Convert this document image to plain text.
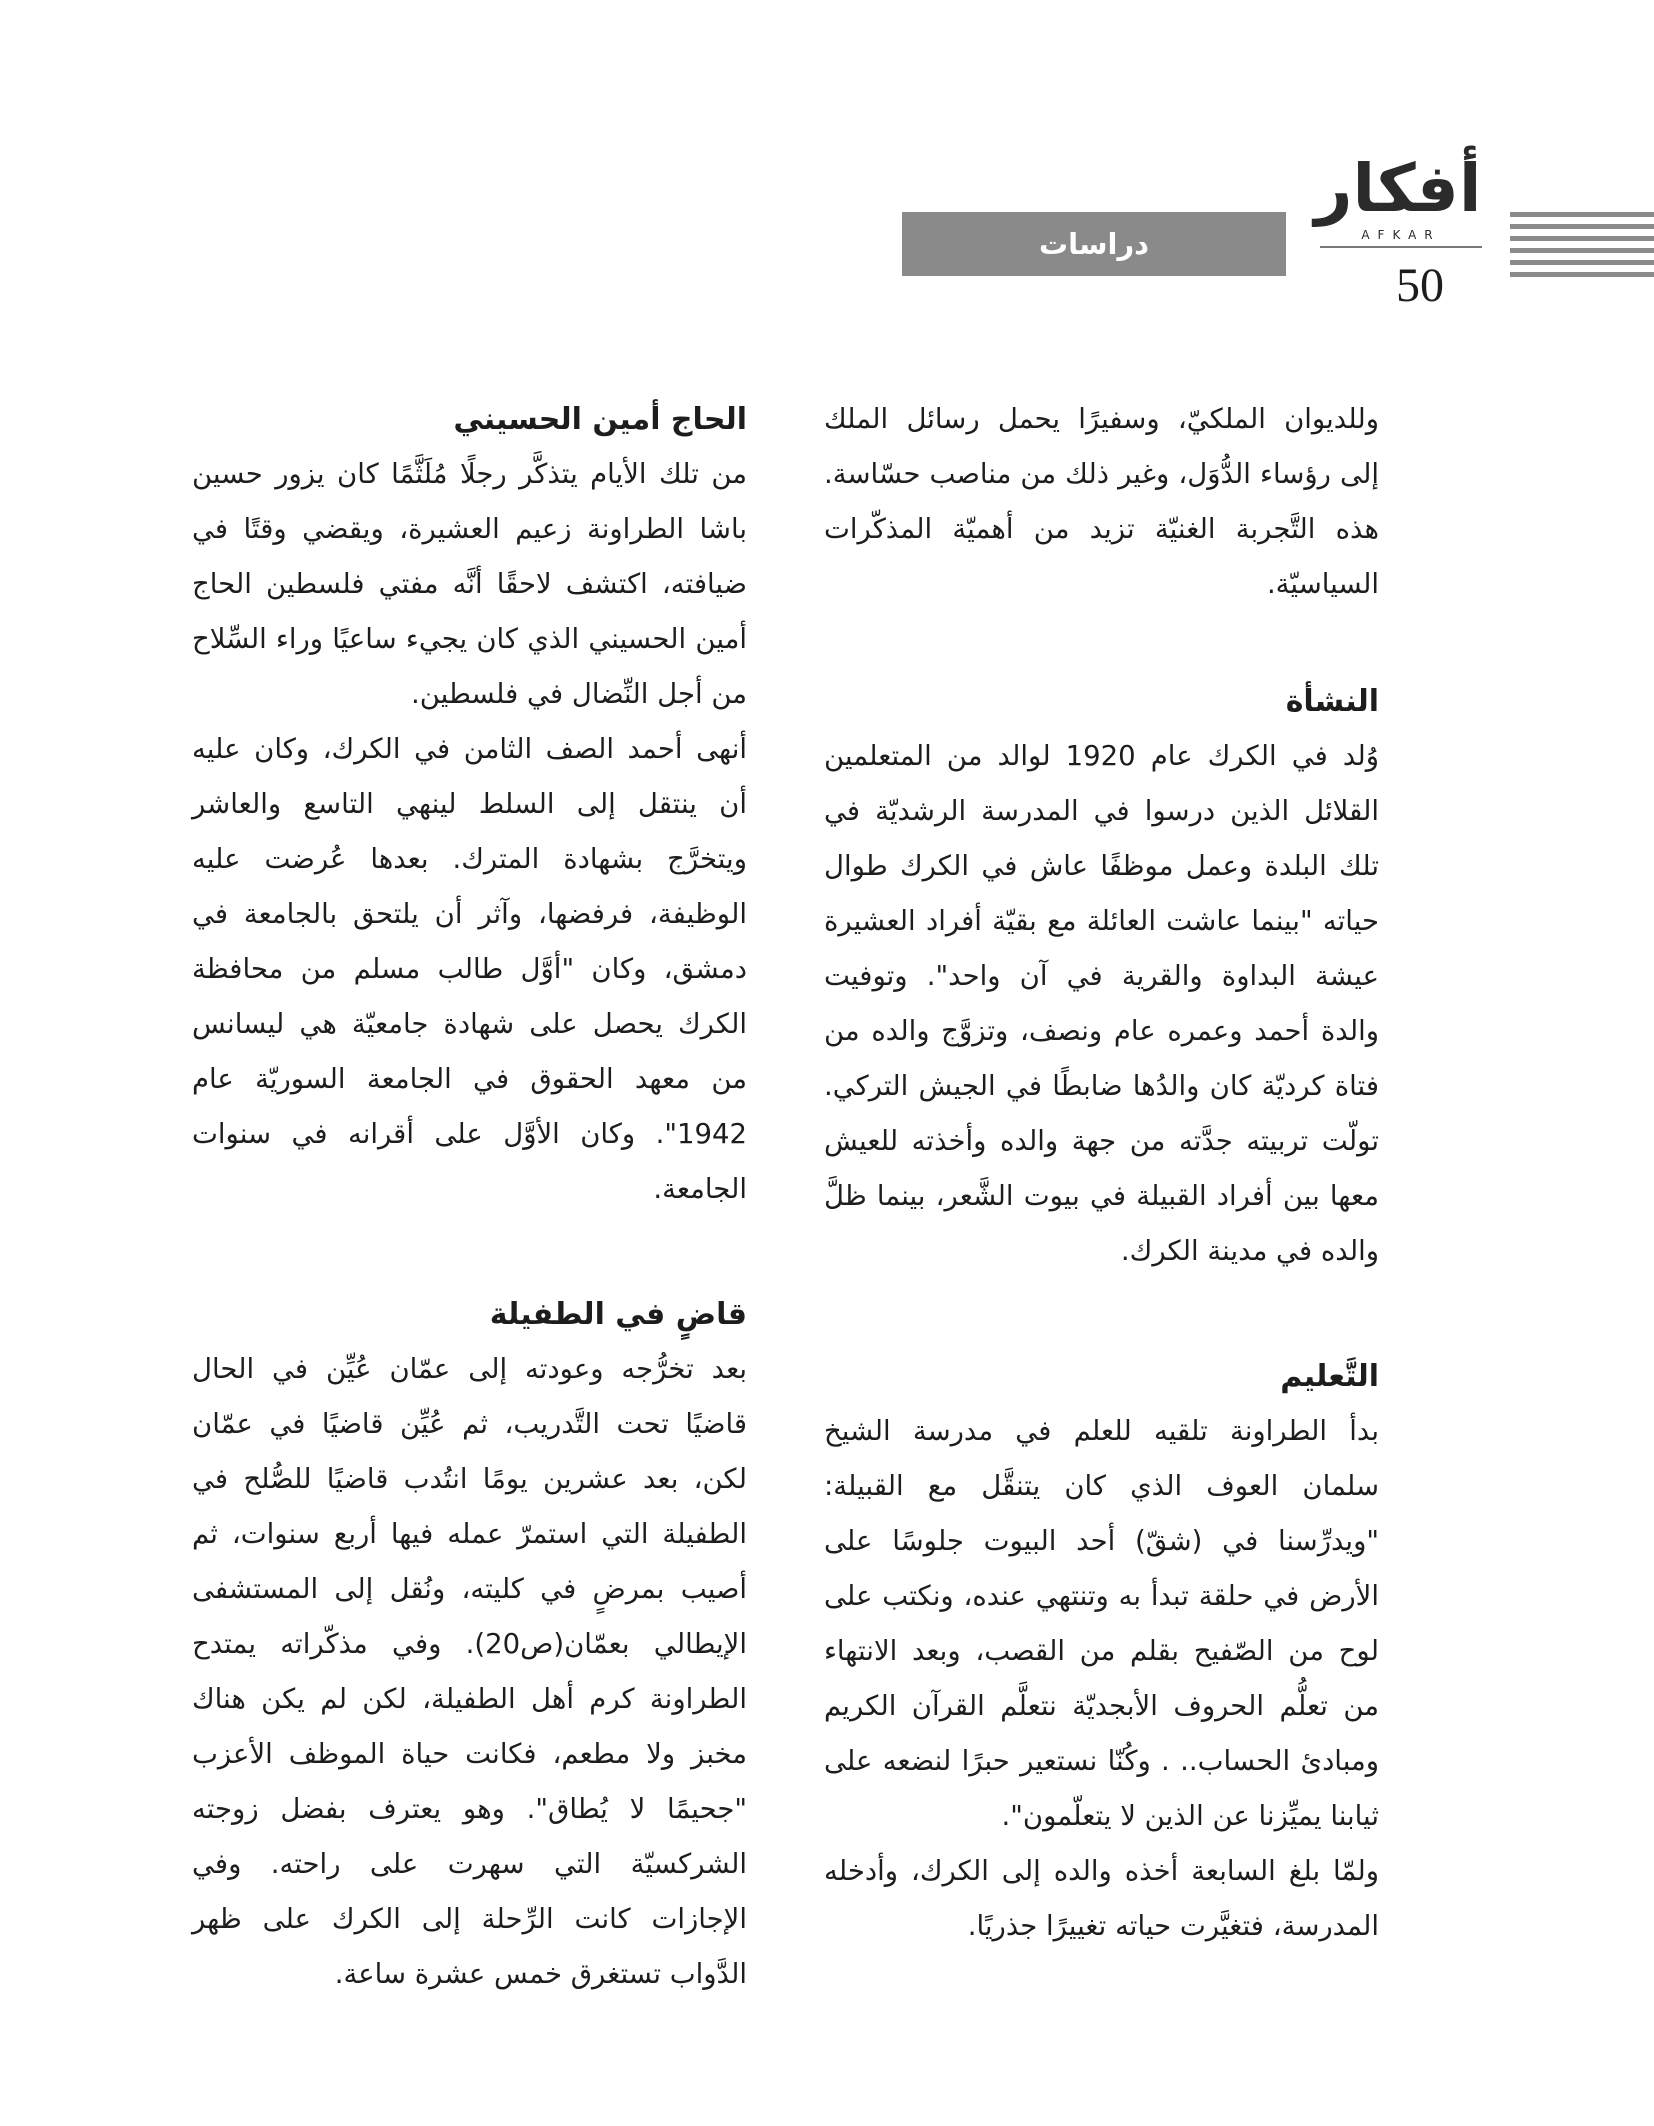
أفكار
AFKAR
دراسات
50

وللديوان الملكيّ، وسفيرًا يحمل رسائل الملك إلى رؤساء الدُّوَل، وغير ذلك من مناصب حسّاسة. هذه التَّجربة الغنيّة تزيد من أهميّة المذكّرات السياسيّة.

النشأة

وُلد في الكرك عام 1920 لوالد من المتعلمين القلائل الذين درسوا في المدرسة الرشديّة في تلك البلدة وعمل موظفًا عاش في الكرك طوال حياته "بينما عاشت العائلة مع بقيّة أفراد العشيرة عيشة البداوة والقرية في آن واحد". وتوفيت والدة أحمد وعمره عام ونصف، وتزوَّج والده من فتاة كرديّة كان والدُها ضابطًا في الجيش التركي. تولّت تربيته جدَّته من جهة والده وأخذته للعيش معها بين أفراد القبيلة في بيوت الشَّعر، بينما ظلَّ والده في مدينة الكرك.

التَّعليم

بدأ الطراونة تلقيه للعلم في مدرسة الشيخ سلمان العوف الذي كان يتنقَّل مع القبيلة: "ويدرِّسنا في (شقّ) أحد البيوت جلوسًا على الأرض في حلقة تبدأ به وتنتهي عنده، ونكتب على لوح من الصّفيح بقلم من القصب، وبعد الانتهاء من تعلُّم الحروف الأبجديّة نتعلَّم القرآن الكريم ومبادئ الحساب.. . وكُنّا نستعير حبرًا لنضعه على ثيابنا يميِّزنا عن الذين لا يتعلّمون".

ولمّا بلغ السابعة أخذه والده إلى الكرك، وأدخله المدرسة، فتغيَّرت حياته تغييرًا جذريًا.

الحاج أمين الحسيني

من تلك الأيام يتذكَّر رجلًا مُلَثَّمًا كان يزور حسين باشا الطراونة زعيم العشيرة، ويقضي وقتًا في ضيافته، اكتشف لاحقًا أنَّه مفتي فلسطين الحاج أمين الحسيني الذي كان يجيء ساعيًا وراء السِّلاح من أجل النِّضال في فلسطين.

أنهى أحمد الصف الثامن في الكرك، وكان عليه أن ينتقل إلى السلط لينهي التاسع والعاشر ويتخرَّج بشهادة المترك. بعدها عُرضت عليه الوظيفة، فرفضها، وآثر أن يلتحق بالجامعة في دمشق، وكان "أوَّل طالب مسلم من محافظة الكرك يحصل على شهادة جامعيّة هي ليسانس من معهد الحقوق في الجامعة السوريّة عام 1942". وكان الأوَّل على أقرانه في سنوات الجامعة.

قاضٍ في الطفيلة

بعد تخرُّجه وعودته إلى عمّان عُيِّن في الحال قاضيًا تحت التَّدريب، ثم عُيِّن قاضيًا في عمّان لكن، بعد عشرين يومًا انتُدب قاضيًا للصُّلح في الطفيلة التي استمرّ عمله فيها أربع سنوات، ثم أصيب بمرضٍ في كليته، ونُقل إلى المستشفى الإيطالي بعمّان(ص20). وفي مذكّراته يمتدح الطراونة كرم أهل الطفيلة، لكن لم يكن هناك مخبز ولا مطعم، فكانت حياة الموظف الأعزب "جحيمًا لا يُطاق". وهو يعترف بفضل زوجته الشركسيّة التي سهرت على راحته. وفي الإجازات كانت الرِّحلة إلى الكرك على ظهر الدَّواب تستغرق خمس عشرة ساعة.
